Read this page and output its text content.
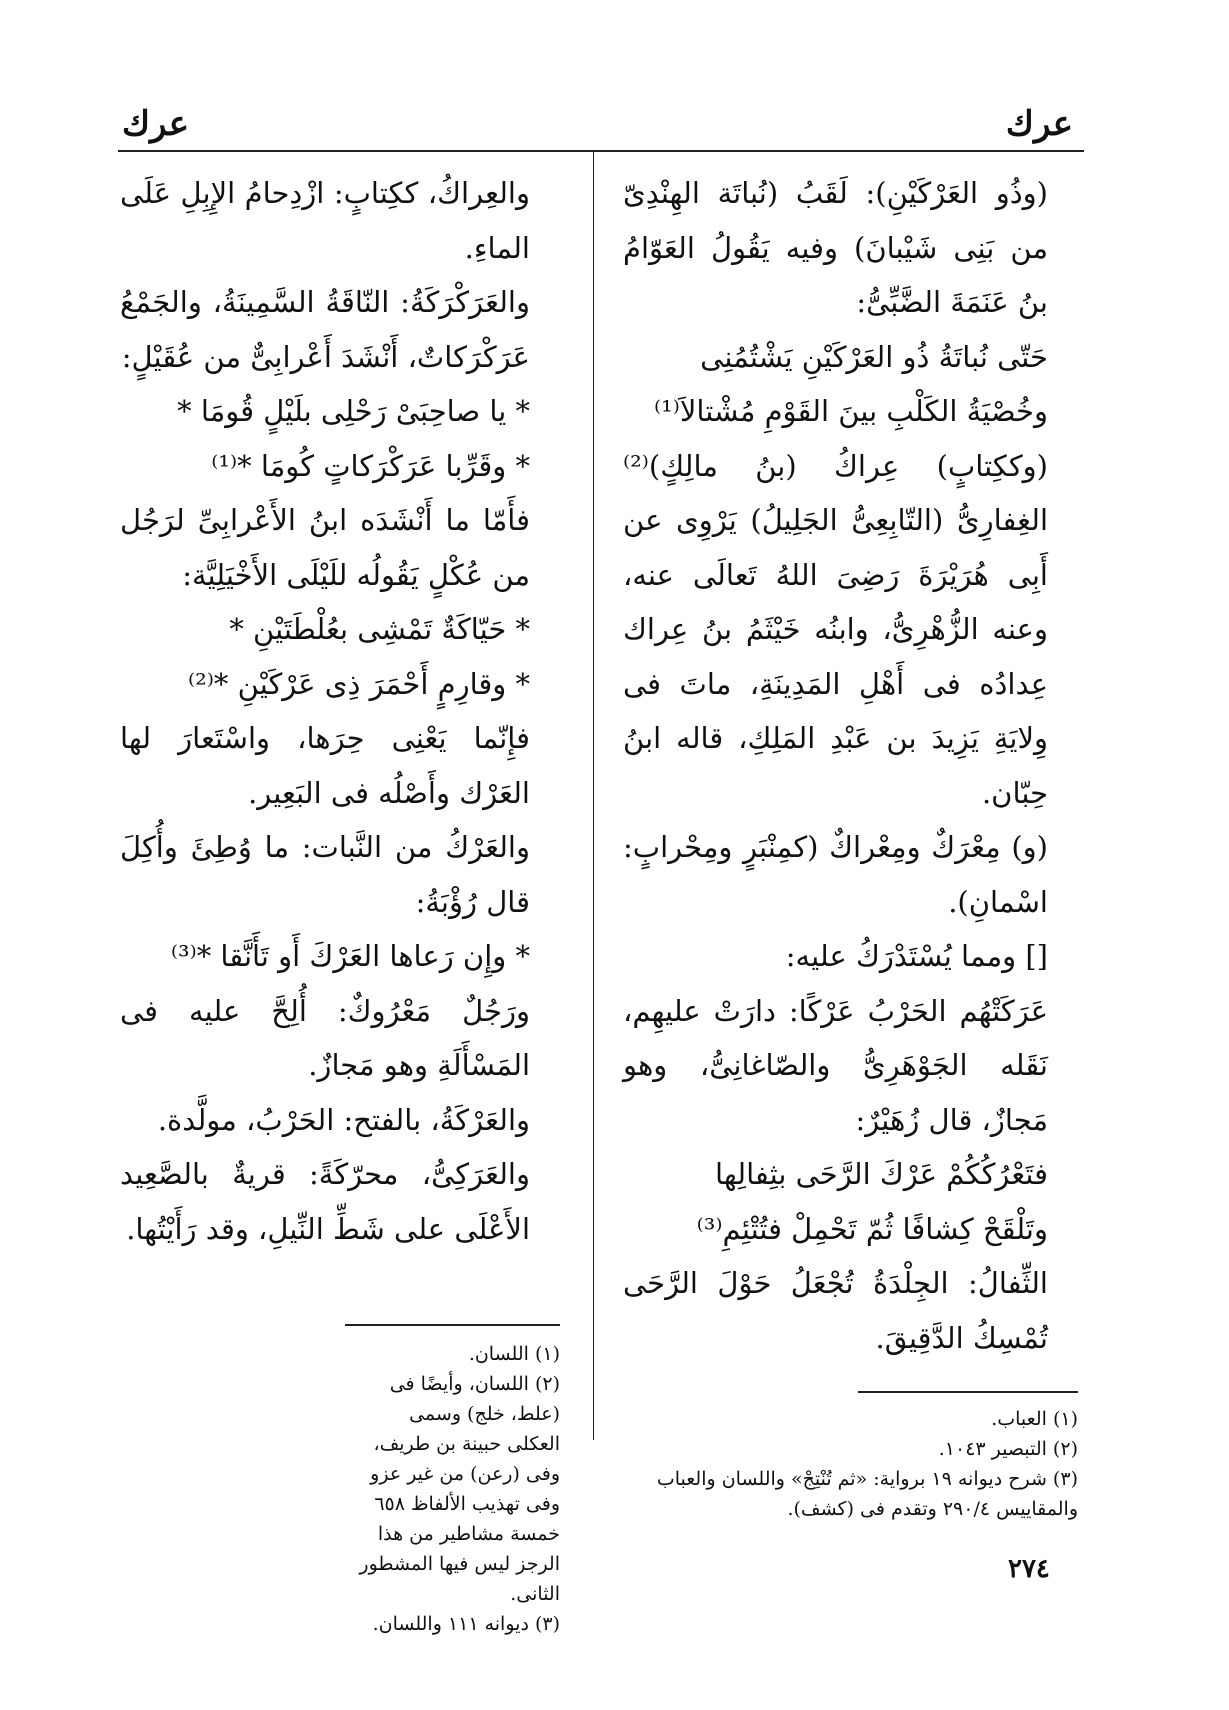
عرك
عرك

(وذُو العَرْكَيْنِ): لَقَبُ (نُباتَة الهِنْدِىّ من بَنِى شَيْبانَ) وفيه يَقُولُ العَوّامُ بنُ عَنَمَةَ الضَّبِّىُّ:

حَتّى نُباتَةُ ذُو العَرْكَيْنِ يَشْتُمُنِى

وخُصْيَةُ الكَلْبِ بينَ القَوْمِ مُشْتالاَ⁽¹⁾

(وككِتابٍ) عِراكُ (بنُ مالِكٍ)⁽²⁾ الغِفارِىُّ (التّابِعِىُّ الجَلِيلُ) يَرْوِى عن أَبِى هُرَيْرَةَ رَضِىَ اللهُ تَعالَى عنه، وعنه الزُّهْرِىُّ، وابنُه خَيْثَمُ بنُ عِراك عِدادُه فى أَهْلِ المَدِينَةِ، ماتَ فى وِلايَةِ يَزِيدَ بن عَبْدِ المَلِكِ، قاله ابنُ حِبّان.

(و) مِعْرَكٌ ومِعْراكٌ (كمِنْبَرٍ ومِحْرابٍ: اسْمانِ).

[] ومما يُسْتَدْرَكُ عليه:

عَرَكَتْهُم الحَرْبُ عَرْكًا: دارَتْ عليهِم، نَقَله الجَوْهَرِىُّ والصّاغانِىُّ، وهو مَجازٌ، قال زُهَيْرٌ:

فتَعْرُكُكُمْ عَرْكَ الرَّحَى بثِفالِها

وتَلْقَحْ كِشافًا ثُمّ تَحْمِلْ فتُتْئِمِ⁽³⁾

الثِّفالُ: الجِلْدَةُ تُجْعَلُ حَوْلَ الرَّحَى تُمْسِكُ الدَّقِيقَ.

والعِراكُ، ككِتابٍ: ازْدِحامُ الإِبِلِ عَلَى الماءِ.

والعَرَكْرَكَةُ: النّاقَةُ السَّمِينَةُ، والجَمْعُ عَرَكْرَكاتٌ، أَنْشَدَ أَعْرابِىٌّ من عُقَيْلٍ:

* يا صاحِبَىْ رَحْلِى بلَيْلٍ قُومَا *

* وقَرِّبا عَرَكْرَكاتٍ كُومَا *⁽¹⁾

فأَمّا ما أَنْشَدَه ابنُ الأَعْرابِىِّ لرَجُل من عُكْلٍ يَقُولُه للَيْلَى الأَخْيَلِيَّة:

* حَيّاكَةٌ تَمْشِى بعُلْطَتَيْنِ *

* وقارِمٍ أَحْمَرَ ذِى عَرْكَيْنِ *⁽²⁾

فإِنّما يَعْنِى حِرَها، واسْتَعارَ لها العَرْك وأَصْلُه فى البَعِير.

والعَرْكُ من النَّبات: ما وُطِئَ وأُكِلَ قال رُؤْبَةُ:

* وإِن رَعاها العَرْكَ أَو تَأَنَّقا *⁽³⁾

ورَجُلٌ مَعْرُوكٌ: أُلِحَّ عليه فى المَسْأَلَةِ وهو مَجازٌ.

والعَرْكَةُ، بالفتح: الحَرْبُ، مولَّدة.

والعَرَكِىُّ، محرّكَةً: قريةٌ بالصَّعِيد الأَعْلَى على شَطِّ النِّيلِ، وقد رَأَيْتُها.

(١) اللسان.

(٢) اللسان، وأيضًا فى (علط، خلج) وسمى العكلى حبينة بن طريف، وفى (رعن) من غير عزو وفى تهذيب الألفاظ ٦٥٨ خمسة مشاطير من هذا الرجز ليس فيها المشطور الثانى.

(٣) ديوانه ١١١ واللسان.

(١) العباب.

(٢) التبصير ١٠٤٣.

(٣) شرح ديوانه ١٩ برواية: «ثم تُنْتِجْ» واللسان والعباب والمقاييس ٢٩٠/٤ وتقدم فى (كشف).

٢٧٤
